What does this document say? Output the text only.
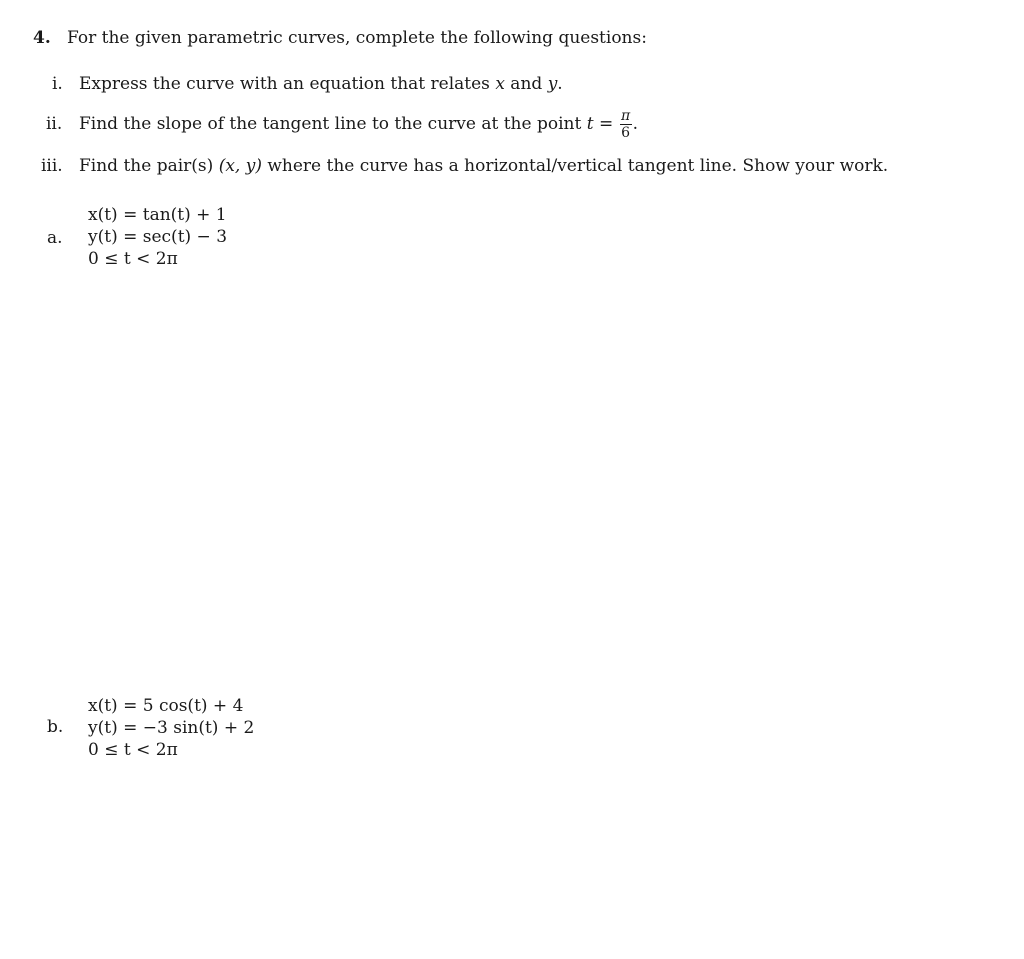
4. For the given parametric curves, complete the following questions:
i. Express the curve with an equation that relates x and y.
ii. Find the slope of the tangent line to the curve at the point $t = \frac{\pi}{6}$ .
iii. Find the pair(s) (x, y) where the curve has a horizontal/vertical tangent line. Show your work.
a.
x(t) = tan(t) + 1
y(t) = sec(t) − 3
0 ≤ t < 2π
b.
x(t) = 5 cos(t) + 4
y(t) = −3 sin(t) + 2
0 ≤ t < 2π
